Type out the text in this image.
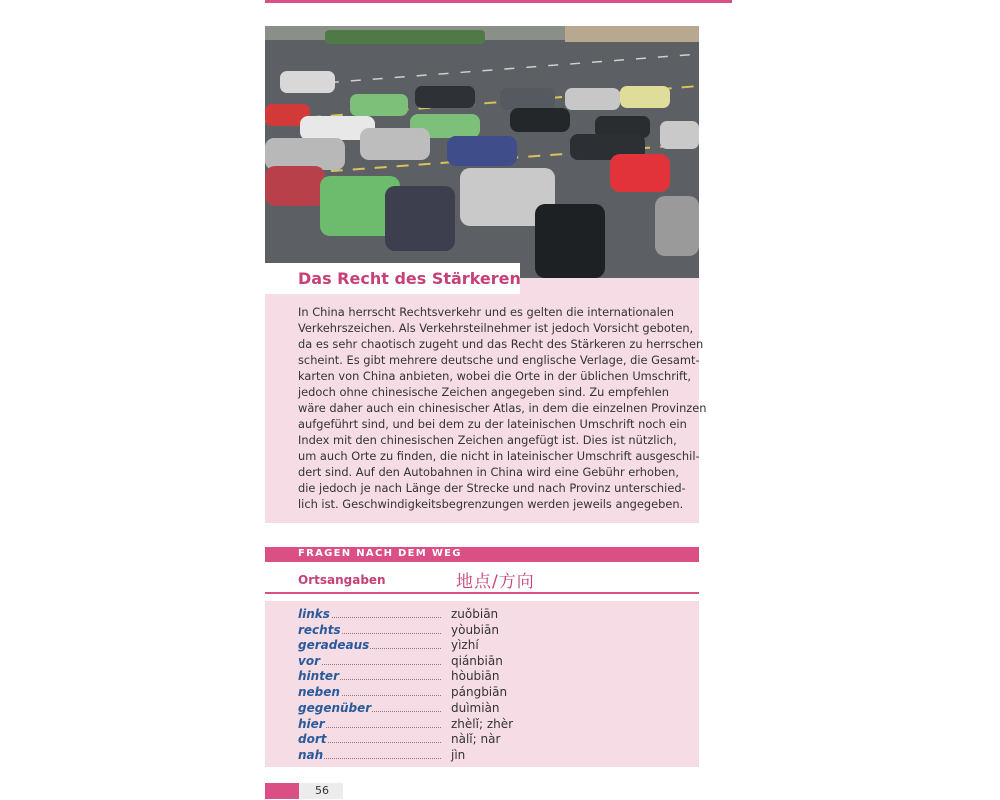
Das Recht des Stärkeren

In China herrscht Rechtsverkehr und es gelten die internationalen
Verkehrszeichen. Als Verkehrsteilnehmer ist jedoch Vorsicht geboten,
da es sehr chaotisch zugeht und das Recht des Stärkeren zu herrschen
scheint. Es gibt mehrere deutsche und englische Verlage, die Gesamt-
karten von China anbieten, wobei die Orte in der üblichen Umschrift,
jedoch ohne chinesische Zeichen angegeben sind. Zu empfehlen
wäre daher auch ein chinesischer Atlas, in dem die einzelnen Provinzen
aufgeführt sind, und bei dem zu der lateinischen Umschrift noch ein
Index mit den chinesischen Zeichen angefügt ist. Dies ist nützlich,
um auch Orte zu finden, die nicht in lateinischer Umschrift ausgeschil-
dert sind. Auf den Autobahnen in China wird eine Gebühr erhoben,
die jedoch je nach Länge der Strecke und nach Provinz unterschied-
lich ist. Geschwindigkeitsbegrenzungen werden jeweils angegeben.

FRAGEN NACH DEM WEG
Ortsangaben	地点/方向
links	zuǒbiān
rechts	yòubiān
geradeaus	yìzhí
vor	qiánbiān
hinter	hòubiān
neben	pángbiān
gegenüber	duìmiàn
hier	zhèlǐ; zhèr
dort	nàlǐ; nàr
nah	jìn
56
